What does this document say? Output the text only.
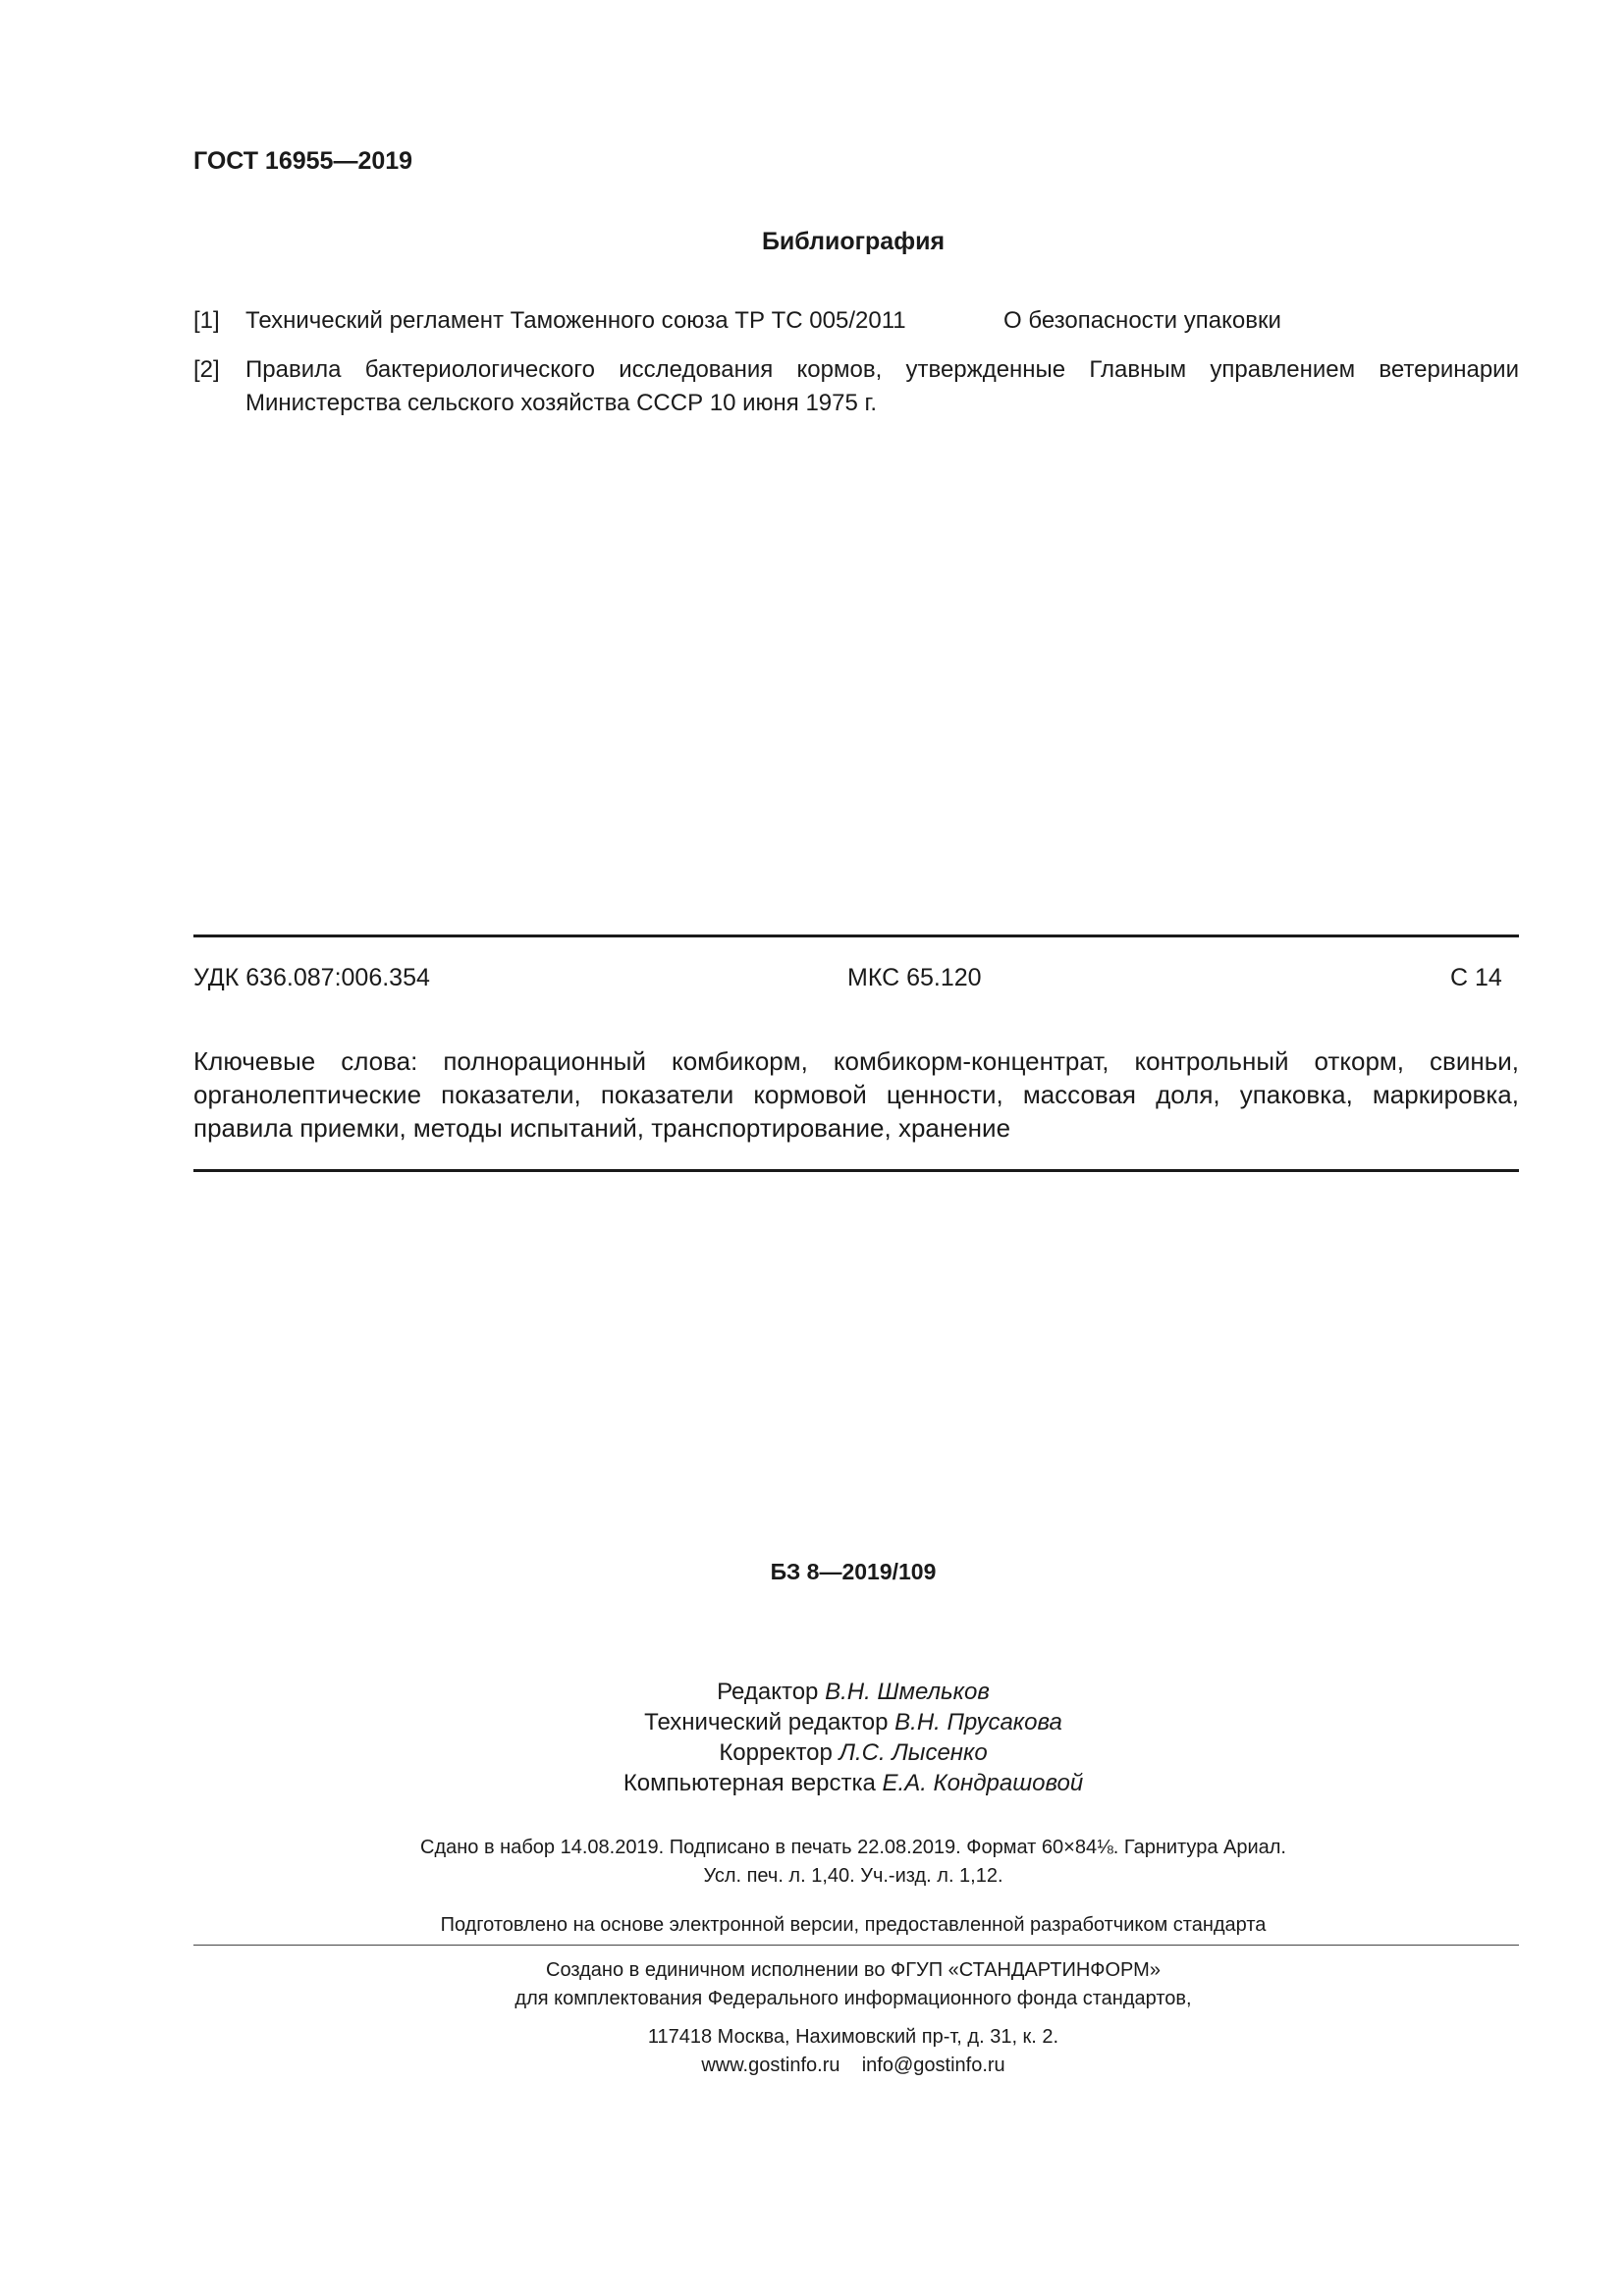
ГОСТ 16955—2019
Библиография
[1] Технический регламент Таможенного союза ТР ТС 005/2011	О безопасности упаковки
[2] Правила бактериологического исследования кормов, утвержденные Главным управлением ветеринарии Министерства сельского хозяйства СССР 10 июня 1975 г.
УДК 636.087:006.354	МКС 65.120	С 14
Ключевые слова: полнорационный комбикорм, комбикорм-концентрат, контрольный откорм, свиньи, органолептические показатели, показатели кормовой ценности, массовая доля, упаковка, маркировка, правила приемки, методы испытаний, транспортирование, хранение
БЗ 8—2019/109
Редактор В.Н. Шмельков
Технический редактор В.Н. Прусакова
Корректор Л.С. Лысенко
Компьютерная верстка Е.А. Кондрашовой
Сдано в набор 14.08.2019. Подписано в печать 22.08.2019. Формат 60×84⅛. Гарнитура Ариал.
Усл. печ. л. 1,40. Уч.-изд. л. 1,12.
Подготовлено на основе электронной версии, предоставленной разработчиком стандарта
Создано в единичном исполнении во ФГУП «СТАНДАРТИНФОРМ»
для комплектования Федерального информационного фонда стандартов,
117418 Москва, Нахимовский пр-т, д. 31, к. 2.
www.gostinfo.ru info@gostinfo.ru
